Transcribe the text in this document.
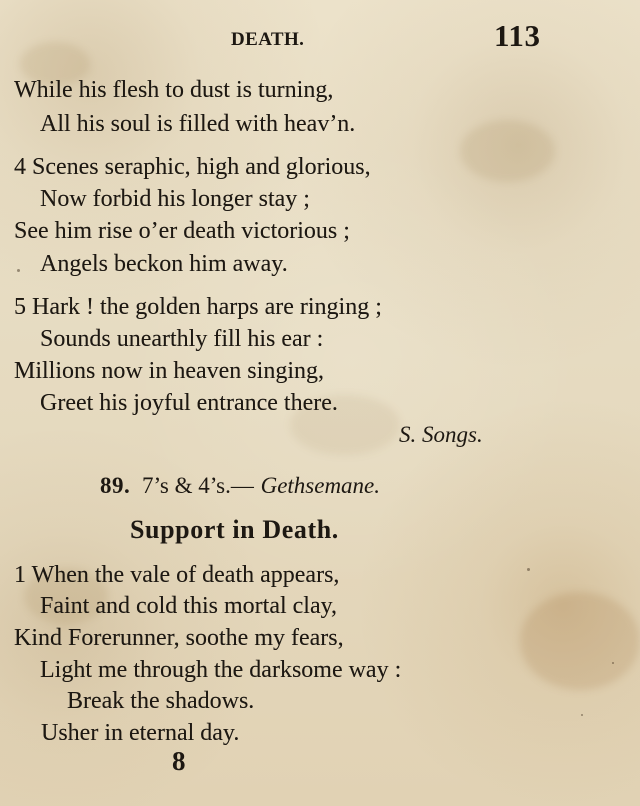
DEATH.	113

While his flesh to dust is turning,

All his soul is filled with heav’n.

4 Scenes seraphic, high and glorious,

Now forbid his longer stay ;

See him rise o’er death victorious ;

Angels beckon him away.

5 Hark ! the golden harps are ringing ;

Sounds unearthly fill his ear :

Millions now in heaven singing,

Greet his joyful entrance there.

S. Songs.

89. 7’s & 4’s.— Gethsemane.

Support in Death.

1 When the vale of death appears,

Faint and cold this mortal clay,

Kind Forerunner, soothe my fears,

Light me through the darksome way :

Break the shadows.

Usher in eternal day.

8
